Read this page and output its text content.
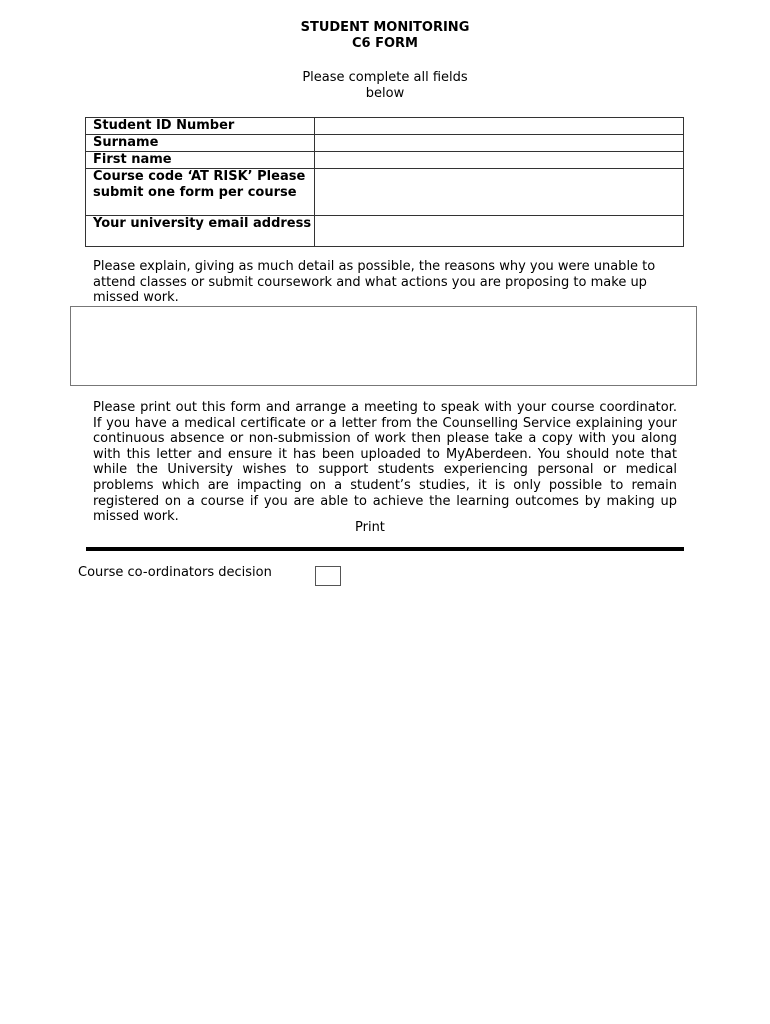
STUDENT MONITORING
C6 FORM
Please complete all fields
below
Student ID Number	
Surname	
First name	
Course code ‘AT RISK’ Please submit one form per course	
Your university email address	
Please explain, giving as much detail as possible, the reasons why you were unable to attend classes or submit coursework and what actions you are proposing to make up missed work.
Please print out this form and arrange a meeting to speak with your course coordinator. If you have a medical certificate or a letter from the Counselling Service explaining your continuous absence or non-submission of work then please take a copy with you along with this letter and ensure it has been uploaded to MyAberdeen. You should note that while the University wishes to support students experiencing personal or medical problems which are impacting on a student’s studies, it is only possible to remain registered on a course if you are able to achieve the learning outcomes by making up missed work.
Print
Course co-ordinators decision
